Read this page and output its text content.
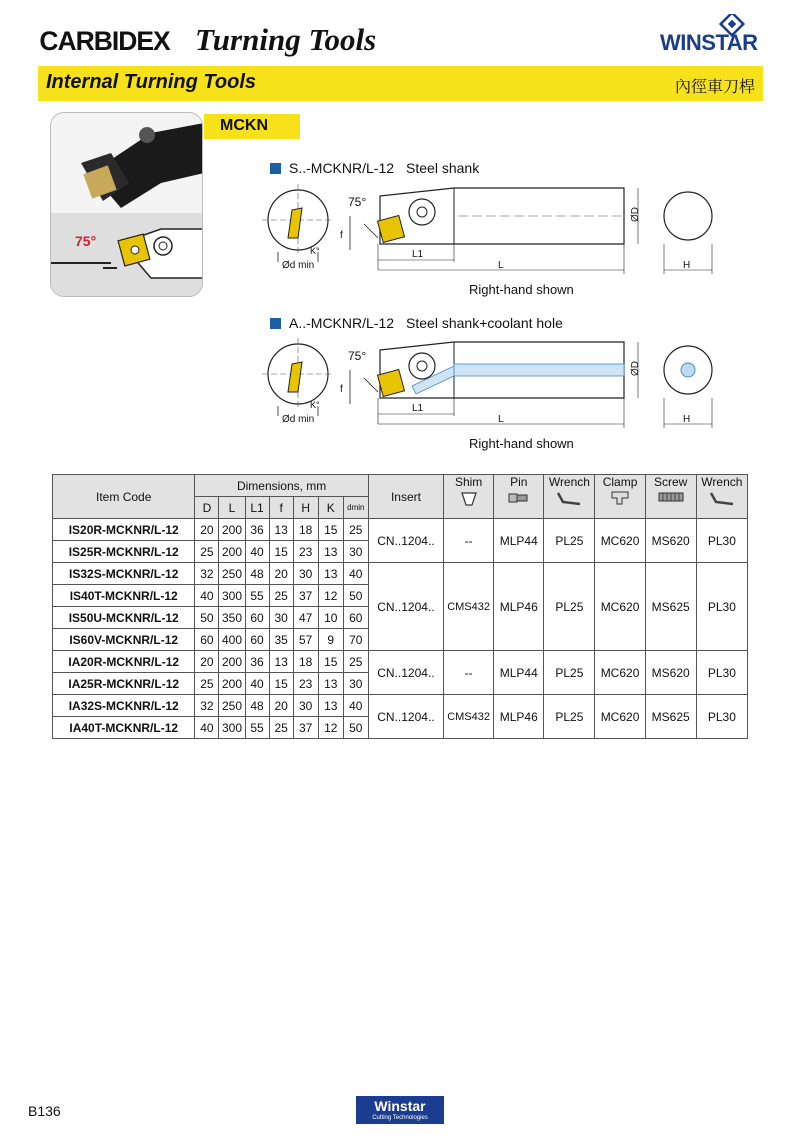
CARBIDEX Turning Tools	WINSTAR
Internal Turning Tools	內徑車刀桿
75°
MCKN
S..-MCKNR/L-12 Steel shank
Ød min
K°
75°
f
L1
L
ØD
H
Right-hand shown
A..-MCKNR/L-12 Steel shank+coolant hole
Ød min
K°
75°
f
L1
L
ØD
H
Right-hand shown
Item Code	Dimensions, mm							Insert	Shim	Pin	Wrench	Clamp	Screw	Wrench

	D	L	L1	f	H	K	dmin							
IS20R-MCKNR/L-12	20	200	36	13	18	15	25	CN..1204..	--	MLP44	PL25	MC620	MS620	PL30
IS25R-MCKNR/L-12	25	200	40	15	23	13	30							
IS32S-MCKNR/L-12	32	250	48	20	30	13	40	CN..1204..	CMS432	MLP46	PL25	MC620	MS625	PL30
IS40T-MCKNR/L-12	40	300	55	25	37	12	50							
IS50U-MCKNR/L-12	50	350	60	30	47	10	60							
IS60V-MCKNR/L-12	60	400	60	35	57	9	70							
IA20R-MCKNR/L-12	20	200	36	13	18	15	25	CN..1204..	--	MLP44	PL25	MC620	MS620	PL30
IA25R-MCKNR/L-12	25	200	40	15	23	13	30							
IA32S-MCKNR/L-12	32	250	48	20	30	13	40	CN..1204..	CMS432	MLP46	PL25	MC620	MS625	PL30
IA40T-MCKNR/L-12	40	300	55	25	37	12	50							
B136	Winstar
Cutting Technologies
